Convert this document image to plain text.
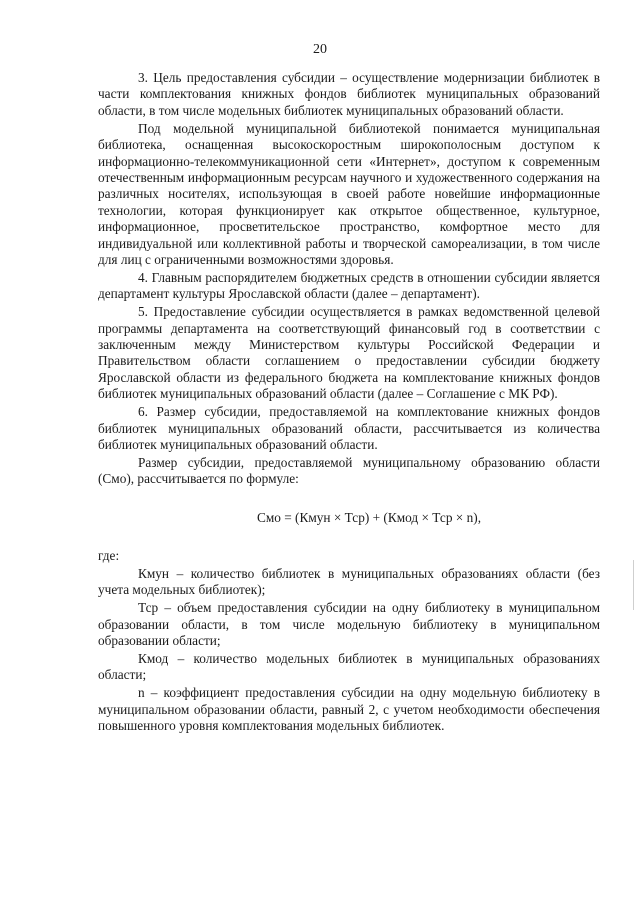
20

3. Цель предоставления субсидии – осуществление модернизации библиотек в части комплектования книжных фондов библиотек муниципальных образований области, в том числе модельных библиотек муниципальных образований области.

Под модельной муниципальной библиотекой понимается муниципальная библиотека, оснащенная высокоскоростным широкополосным доступом к информационно-телекоммуникационной сети «Интернет», доступом к современным отечественным информационным ресурсам научного и художественного содержания на различных носителях, использующая в своей работе новейшие информационные технологии, которая функционирует как открытое общественное, культурное, информационное, просветительское пространство, комфортное место для индивидуальной или коллективной работы и творческой самореализации, в том числе для лиц с ограниченными возможностями здоровья.

4. Главным распорядителем бюджетных средств в отношении субсидии является департамент культуры Ярославской области (далее – департамент).

5. Предоставление субсидии осуществляется в рамках ведомственной целевой программы департамента на соответствующий финансовый год в соответствии с заключенным между Министерством культуры Российской Федерации и Правительством области соглашением о предоставлении субсидии бюджету Ярославской области из федерального бюджета на комплектование книжных фондов библиотек муниципальных образований области (далее – Соглашение с МК РФ).

6. Размер субсидии, предоставляемой на комплектование книжных фондов библиотек муниципальных образований области, рассчитывается из количества библиотек муниципальных образований области.

Размер субсидии, предоставляемой муниципальному образованию области (Смо), рассчитывается по формуле:

Смо = (Кмун × Тср) + (Кмод × Тср × n),

где:

Кмун – количество библиотек в муниципальных образованиях области (без учета модельных библиотек);

Тср – объем предоставления субсидии на одну библиотеку в муниципальном образовании области, в том числе модельную библиотеку в муниципальном образовании области;

Кмод – количество модельных библиотек в муниципальных образованиях области;

n – коэффициент предоставления субсидии на одну модельную библиотеку в муниципальном образовании области, равный 2, с учетом необходимости обеспечения повышенного уровня комплектования модельных библиотек.
